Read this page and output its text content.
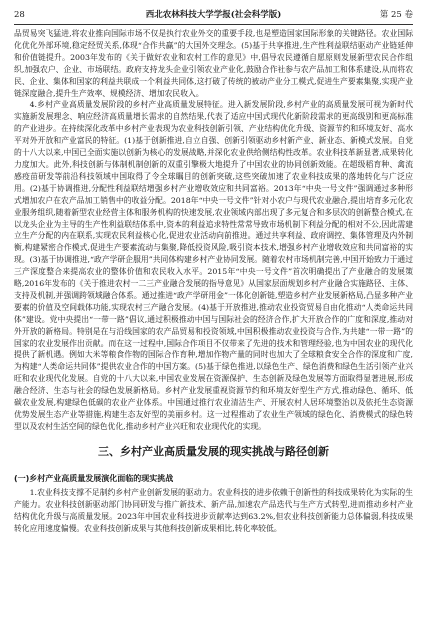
28	西北农林科技大学学报(社会科学版)	第 25 卷

品贸易突飞猛进,将农业推向国际市场不仅是执行农业外交的重要手段,也是塑造国家国际形象的关键路径。农业国际化优化外部环境,稳定经贸关系,体现“合作共赢”的大国外交理念。(5)基于共享推进,生产性利益联结驱动产业链延伸和价值链提升。2003年发布的《关于做好农业和农村工作的意见》中,倡导农民遵循自愿原则发展新型农民合作组织,加强农户、企业、市场联结。政府支持龙头企业引领农业产业化,鼓励合作社参与农产品加工和体系建设,从而将农民、企业、集体和国家的利益共联成一个利益共同体,这打破了传统的被动产业分工模式,促进生产要素集聚,实现产业链深度融合,提升生产效率、规模经济、增加农民收入。

4.乡村产业高质量发展阶段的乡村产业高质量发展特征。进入新发展阶段,乡村产业的高质量发展可视为新时代实施新发展理念、响应经济高质量增长需求的自然结果,代表了适应中国式现代化新阶段需求的更高级别和更高标准的产业进步。在持续深化改革中乡村产业表现为农业科技创新引领、产业结构优化升级、资源节约和环境友好、高水平对外开放和产业富民的特征。(1)基于创新推进,自立自强、创新引领驱动乡村新产业、新业态、新模式发展。自党的十八大以来,中国已全面实施以创新为核心的发展战略,并深化农业供给侧结构性改革。农业科技革新显著,成果转化力度加大。此外,科技创新与体制机制创新的双重引擎极大地提升了中国农业的协同创新效能。在超级稻育种、禽流感疫苗研发等前沿科技领域中国取得了令全球瞩目的创新突破,这些突破加速了农业科技成果的落地转化与广泛应用。(2)基于协调推进,分配性利益联结增强乡村产业增收效应和共同富裕。2013年“中央一号文件”强调通过多种形式增加农户在农产品加工销售中的收益分配。2018年“中央一号文件”针对小农户与现代农业融合,提出培育多元化农业服务组织,随着新型农业经营主体和服务机构的快速发展,农业领域内部出现了多元复合和多层次的创新整合模式,在以龙头企业为主导的生产性利益联结体系中,资本的利益追求特性常常导致市场机制下利益分配的相对不公,因此需建立生产分配的内在联系,实现农民利益核心化,促进农业活动向前推进。通过共享利益、政府调控、集体管理及内外制衡,构建紧密合作模式,促进生产要素流动与集聚,降低投资风险,吸引资本技术,增强乡村产业增收效应和共同富裕的实现。(3)基于协调推进,“政产学研企服用”共同体构建乡村产业协同发展。随着农村市场机制完善,中国开始致力于通过三产深度整合来提高农业的整体价值和农民收入水平。2015年“中央一号文件”首次明确提出了产业融合的发展策略,2016年发布的《关于推进农村一二三产业融合发展的指导意见》从国家层面规划乡村产业融合实施路径、主体、支持及机制,并强调跨领域融合体系。通过推进“政产学研用金”一体化创新链,塑造乡村产业发展新格局,凸显多种产业要素的价值及空间载体功能,实现农村三产融合发展。(4)基于开放推进,推动农业投资贸易自由化推动“人类命运共同体”建设。党中央提出“一带一路”倡议,通过积极推动中国与国际社会的经济合作,扩大开放合作的广度和深度,推动对外开放的新格局。特别是在与沿线国家的农产品贸易和投资领域,中国积极推动农业投资与合作,为共建“一带一路”的国家的农业发展作出贡献。而在这一过程中,国际合作项目不仅带来了先进的技术和管理经验,也为中国农业的现代化提供了新机遇。例如大米等粮食作物的国际合作育种,增加作物产量的同时也加大了全球粮食安全合作的深度和广度,为构建“人类命运共同体”提供农业合作的中国方案。(5)基于绿色推进,以绿色生产、绿色消费和绿色生活引领产业兴旺和农业现代化发展。自党的十八大以来,中国农业发展在资源保护、生态创新及绿色发展等方面取得显著进展,形成融合经济、生态与社会的绿色发展新格局。乡村产业发展重视资源节约和环境友好型生产方式,推动绿色、循环、低碳农业发展,构建绿色低碳的农业产业体系。中国通过推行农业清洁生产、开展农村人居环境整治以及依托生态资源优势发展生态产业等措施,构建生态友好型的美丽乡村。这一过程推动了农业生产领域的绿色化、消费模式的绿色转型以及农村生活空间的绿色优化,推动乡村产业兴旺和农业现代化的实现。

三、乡村产业高质量发展的现实挑战与路径创新
(一)乡村产业高质量发展演化面临的现实挑战

1.农业科技支撑不足制约乡村产业创新发展的驱动力。农业科技的进步依赖于创新性的科技成果转化为实际的生产能力。农业科技创新驱动部门协同研发与推广新技术、新产品,加速农产品迭代与生产方式转型,进而推动乡村产业结构优化升级与高质量发展。2023年中国农业科技进步贡献率达到63.2%,但农业科技创新能力总体偏弱,科技成果转化应用速度偏慢。农业科技创新成果与其他科技创新成果相比,转化率较低。
